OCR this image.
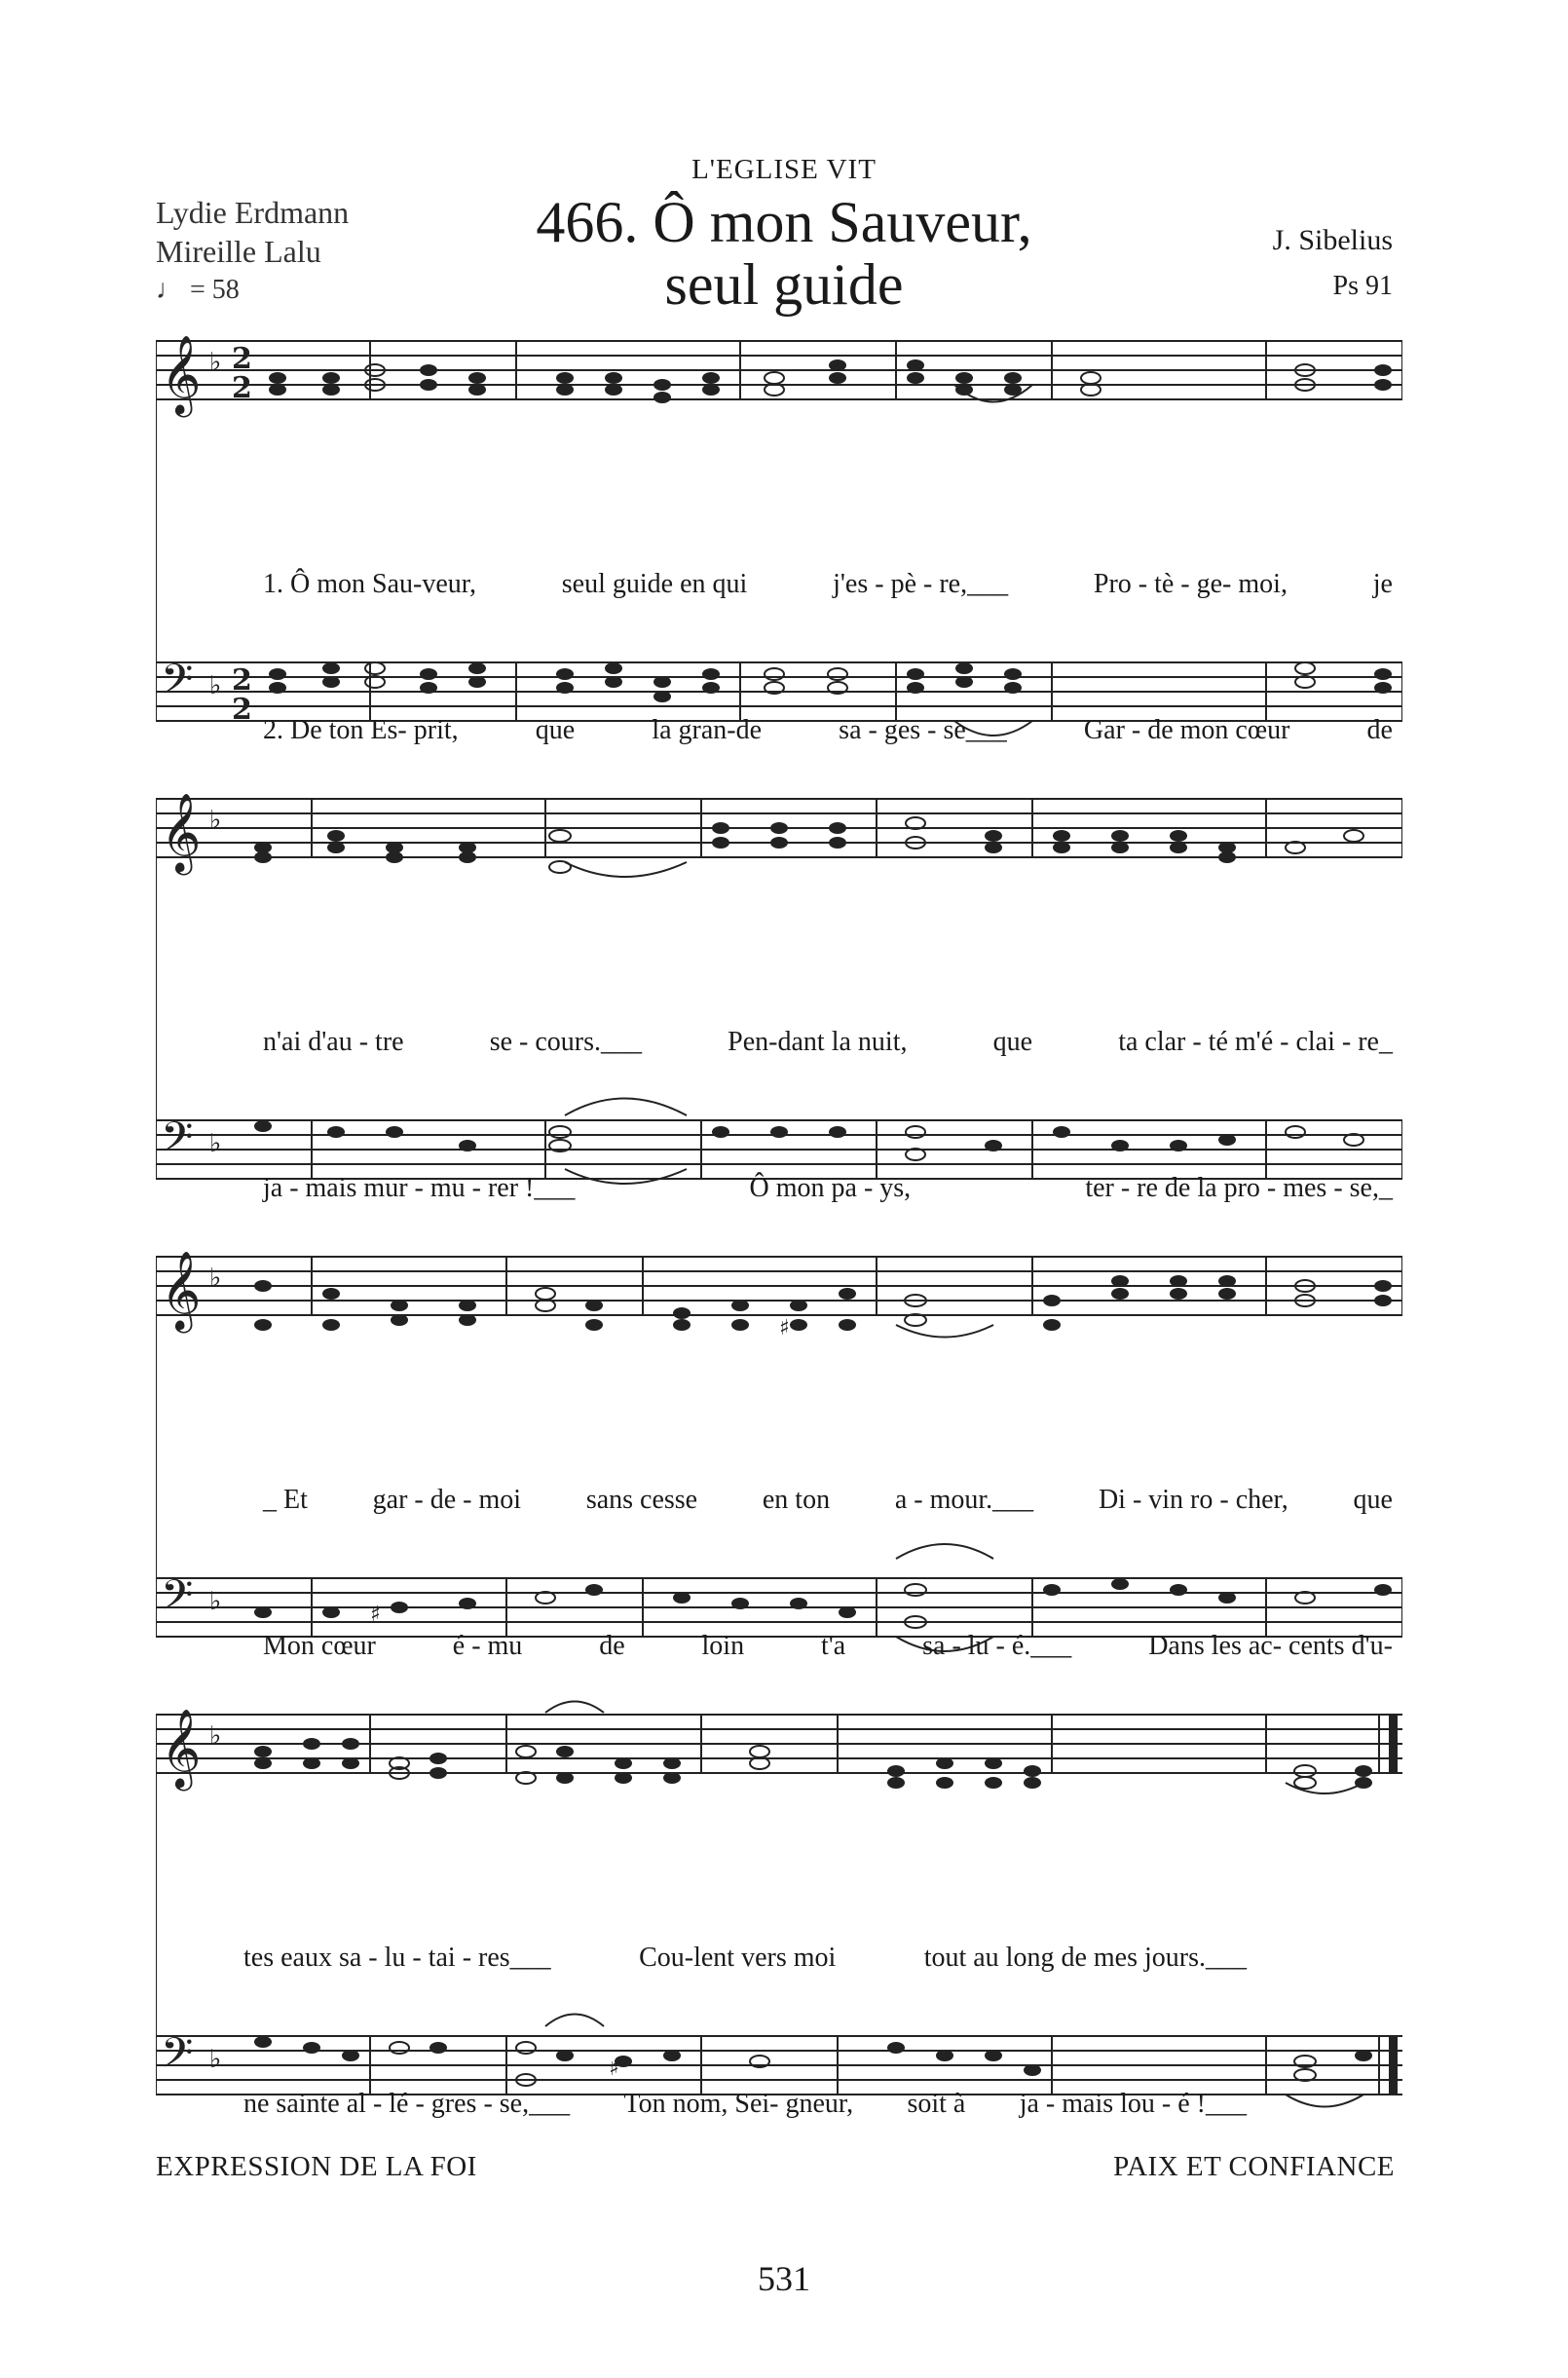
Lydie Erdmann
Mireille Lalu
♩ = 58
L'EGLISE VIT
466. Ô mon Sauveur,
seul guide
J. Sibelius
Ps 91
𝄞
𝄢
♭
♭
2
2
2
2

1. Ô mon Sau-veur,	seul guide en qui	j'es - pè - re,___	Pro - tè - ge- moi,	je

2. De ton Es- prit,	que	la gran-de	sa - ges - se___	Gar - de mon cœur	de

𝄞
𝄢
♭
♭

n'ai d'au - tre	se - cours.___	Pen-dant la nuit,	que	ta clar - té m'é - clai - re_

ja - mais mur - mu - rer !___	Ô mon pa - ys,	ter - re de la pro - mes - se,_

𝄞
𝄢
♭
♭
♯
♯

_ Et gar - de - moi sans cesse en ton a - mour.___ Di - vin ro - cher, que

Mon cœur	é - mu	de	loin	t'a	sa - lu - é.___	Dans les ac- cents d'u-

𝄞
𝄢
♭
♭	♯

tes eaux sa - lu - tai - res___	Cou-lent vers moi	tout au long de mes jours.___

ne sainte al - lé - gres - se,___ Ton nom, Sei- gneur, soit à ja - mais lou - é !___

EXPRESSION DE LA FOI	PAIX ET CONFIANCE
531
